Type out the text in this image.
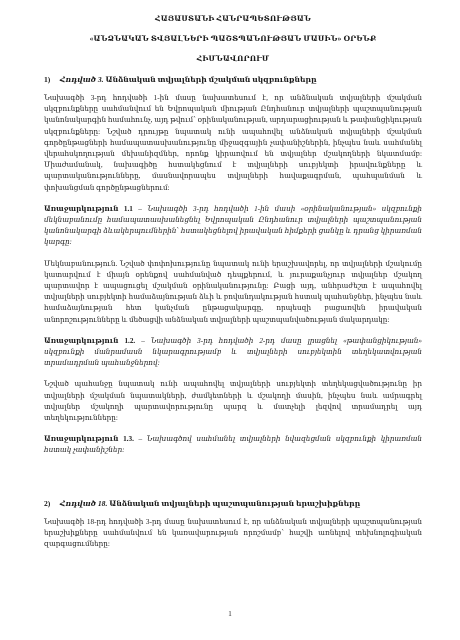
ՀԱՅԱՍՏԱՆԻ ՀԱՆՐԱՊԵՏՈՒԹՅԱՆ
«ԱՆՁՆԱԿԱՆ ՏՎՅԱԼՆԵՐԻ ՊԱՇՏՊԱՆՈՒԹՅԱՆ ՄԱՍԻՆ» ՕՐԵՆՔ
ՀԻՄՆԱՎՈՐՈՒՄ
1) Հոդված 3. Անձնական տվյալների մշակման սկզբունքները

Նախագծի 3-րդ հոդվածի 1-ին մասը նախատեսում է, որ անձնական տվյալների մշակման սկզբունքները սահմանվում են Եվրոպական միության Ընդհանուր տվյալների պաշտպանության կանոնակարգին համահունչ, այդ թվում՝ օրինականության, արդարացիության և թափանցիկության սկզբունքները: Նշված դրույթը նպատակ ունի ապահովել անձնական տվյալների մշակման գործընթացների համապատասխանությունը միջազգային չափանիշներին, ինչպես նաև սահմանել վերահսկողության մեխանիզմներ, որոնք կիրառվում են տվյալներ մշակողների նկատմամբ: Միաժամանակ, նախագիծը հստակեցնում է տվյալների սուբյեկտի իրավունքները և պարտականությունները, մասնավորապես տվյալների հավաքագրման, պահպանման և փոխանցման գործընթացներում:

Առաջարկություն 1.1 – Նախագծի 3-րդ հոդվածի 1-ին մասի «օրինականության» սկզբունքի մեկնաբանումը համապատասխանեցնել Եվրոպական Ընդհանուր տվյալների պաշտպանության կանոնակարգի ձևակերպումներին՝ հստակեցնելով իրավական հիմքերի ցանկը և դրանց կիրառման կարգը:

Մեկնաբանություն. Նշված փոփոխությունը նպատակ ունի երաշխավորել, որ տվյալների մշակումը կատարվում է միայն օրենքով սահմանված դեպքերում, և յուրաքանչյուր տվյալներ մշակող պարտավոր է ապացուցել մշակման օրինականությունը: Բացի այդ, անհրաժեշտ է ապահովել տվյալների սուբյեկտի համաձայնության ձևի և բովանդակության հստակ պահանջներ, ինչպես նաև համաձայնության հետ կանչման ընթացակարգը, որպեսզի բացառվեն իրավական անորոշությունները և մեծացվի անձնական տվյալների պաշտպանվածության մակարդակը:

Առաջարկություն 1.2. – Նախագծի 3-րդ հոդվածի 2-րդ մասը լրացնել «թափանցիկության» սկզբունքի մանրամասն նկարագրությամբ և տվյալների սուբյեկտին տեղեկատվության տրամադրման պահանջներով:

Նշված պահանջը նպատակ ունի ապահովել տվյալների սուբյեկտի տեղեկացվածությունը իր տվյալների մշակման նպատակների, ժամկետների և մշակողի մասին, ինչպես նաև ամրագրել տվյալներ մշակողի պարտավորությունը պարզ և մատչելի լեզվով տրամադրել այդ տեղեկությունները:

Առաջարկություն 1.3. – Նախագծով սահմանել տվյալների նվազեցման սկզբունքի կիրառման հստակ չափանիշներ:

2) Հոդված 18. Անձնական տվյալների պաշտպանության երաշխիքները

Նախագծի 18-րդ հոդվածի 3-րդ մասը նախատեսում է, որ անձնական տվյալների պաշտպանության երաշխիքները սահմանվում են կառավարության որոշմամբ՝ հաշվի առնելով տեխնոլոգիական զարգացումները:

1
